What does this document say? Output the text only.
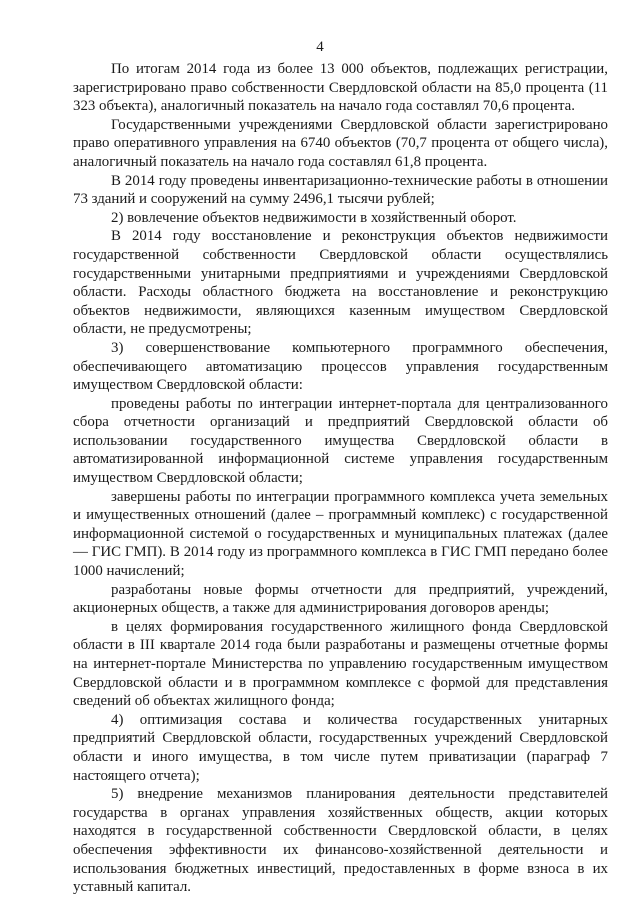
4

По итогам 2014 года из более 13 000 объектов, подлежащих регистрации, зарегистрировано право собственности Свердловской области на 85,0 процента (11 323 объекта), аналогичный показатель на начало года составлял 70,6 процента.

Государственными учреждениями Свердловской области зарегистрировано право оперативного управления на 6740 объектов (70,7 процента от общего числа), аналогичный показатель на начало года составлял 61,8 процента.

В 2014 году проведены инвентаризационно-технические работы в отношении 73 зданий и сооружений на сумму 2496,1 тысячи рублей;

2) вовлечение объектов недвижимости в хозяйственный оборот.

В 2014 году восстановление и реконструкция объектов недвижимости государственной собственности Свердловской области осуществлялись государственными унитарными предприятиями и учреждениями Свердловской области. Расходы областного бюджета на восстановление и реконструкцию объектов недвижимости, являющихся казенным имуществом Свердловской области, не предусмотрены;

3) совершенствование компьютерного программного обеспечения, обеспечивающего автоматизацию процессов управления государственным имуществом Свердловской области:

проведены работы по интеграции интернет-портала для централизованного сбора отчетности организаций и предприятий Свердловской области об использовании государственного имущества Свердловской области в автоматизированной информационной системе управления государственным имуществом Свердловской области;

завершены работы по интеграции программного комплекса учета земельных и имущественных отношений (далее – программный комплекс) с государственной информационной системой о государственных и муниципальных платежах (далее — ГИС ГМП). В 2014 году из программного комплекса в ГИС ГМП передано более 1000 начислений;

разработаны новые формы отчетности для предприятий, учреждений, акционерных обществ, а также для администрирования договоров аренды;

в целях формирования государственного жилищного фонда Свердловской области в III квартале 2014 года были разработаны и размещены отчетные формы на интернет-портале Министерства по управлению государственным имуществом Свердловской области и в программном комплексе с формой для представления сведений об объектах жилищного фонда;

4) оптимизация состава и количества государственных унитарных предприятий Свердловской области, государственных учреждений Свердловской области и иного имущества, в том числе путем приватизации (параграф 7 настоящего отчета);

5) внедрение механизмов планирования деятельности представителей государства в органах управления хозяйственных обществ, акции которых находятся в государственной собственности Свердловской области, в целях обеспечения эффективности их финансово-хозяйственной деятельности и использования бюджетных инвестиций, предоставленных в форме взноса в их уставный капитал.
